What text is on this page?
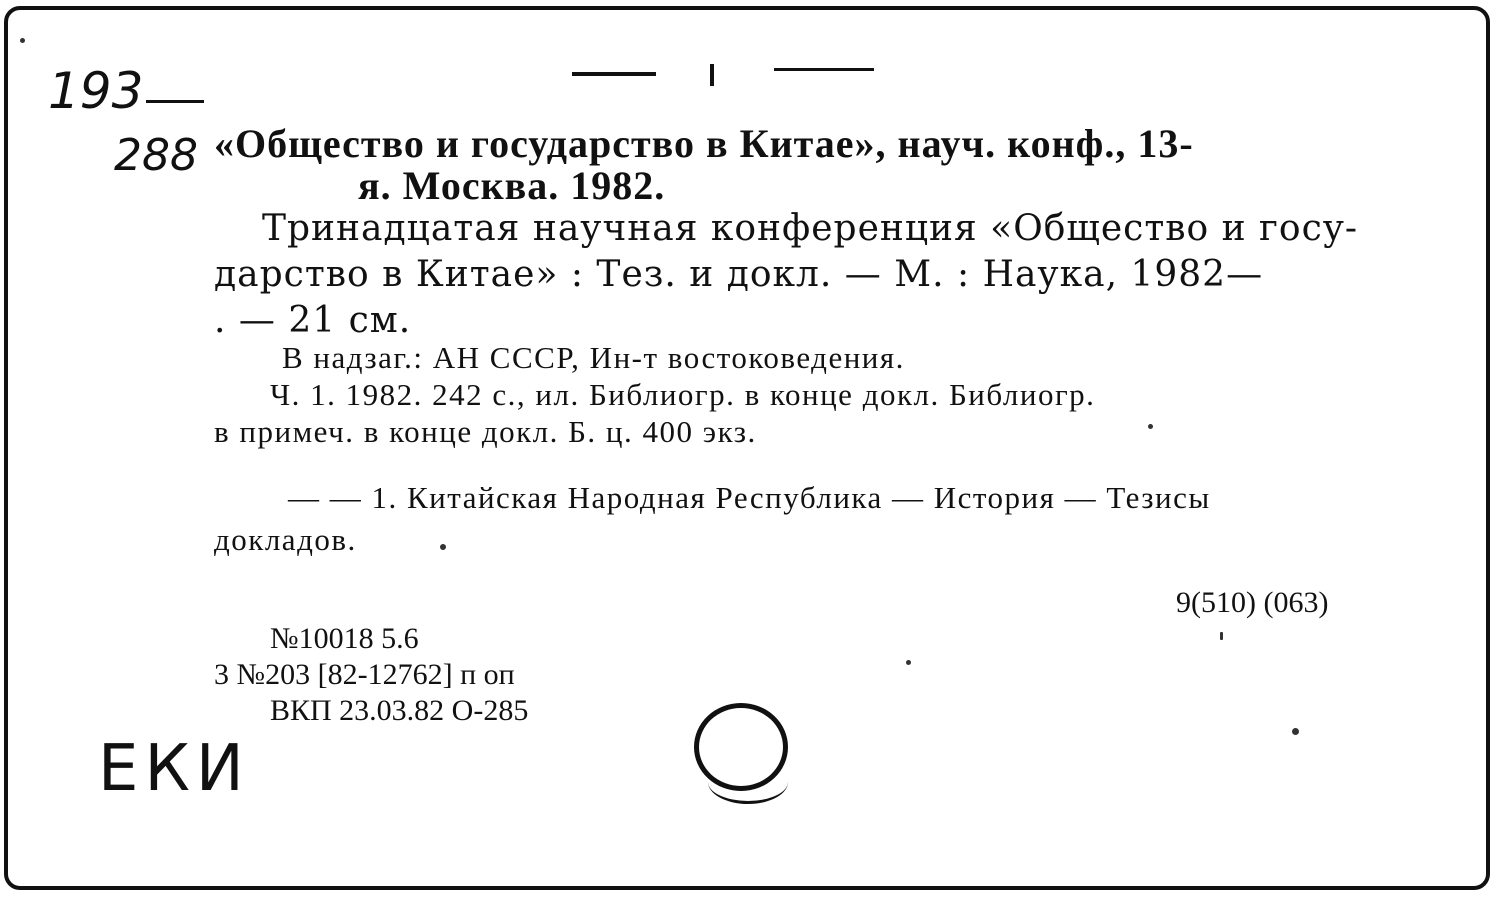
193
288 «Общество и государство в Китае», науч. конф., 13-
я. Москва. 1982.
Тринадцатая научная конференция «Общество и госу-
дарство в Китае» : Тез. и докл. — М. : Наука, 1982—
. — 21 см.
В надзаг.: АН СССР, Ин-т востоковедения.
Ч. 1. 1982. 242 с., ил. Библиогр. в конце докл. Библиогр.
в примеч. в конце докл. Б. ц. 400 экз.
— — 1. Китайская Народная Республика — История — Тезисы
докладов.
9(510) (063)
№10018 5.6
3 №203 [82-12762] п оп
ВКП 23.03.82 О-285
ЕКИ
